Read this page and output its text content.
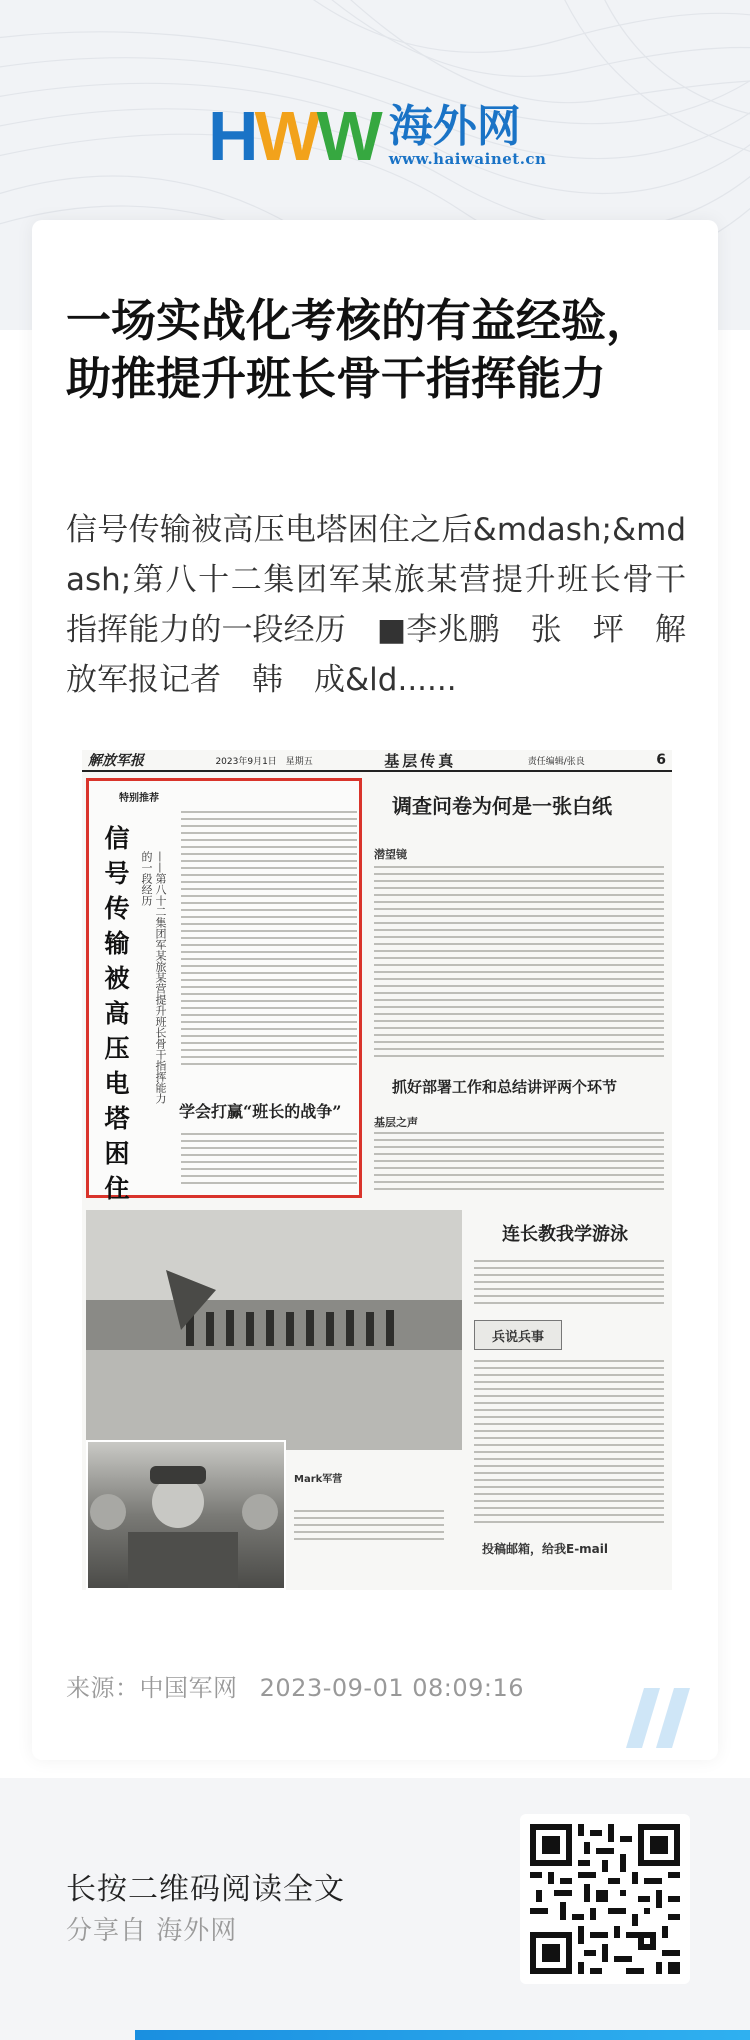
H W W 海外网
www.haiwainet.cn
一场实战化考核的有益经验，助推提升班长骨干指挥能力

信号传输被高压电塔困住之后&mdash;&mdash;第八十二集团军某旅某营提升班长骨干指挥能力的一段经历　■李兆鹏　张　坪　解放军报记者　韩　成&ld......

解放军报	2023年9月1日　星期五	基层传真	责任编辑/张良	6
特别推荐
信号传输被高压电塔困住
——第八十二集团军某旅某营提升班长骨干指挥能力的一段经历
学会打赢“班长的战争”
调查问卷为何是一张白纸
潜望镜
抓好部署工作和总结讲评两个环节
基层之声
Mark军营
连长教我学游泳
兵说兵事
投稿邮箱，给我E-mail
来源：中国军网 2023-09-01 08:09:16
长按二维码阅读全文
分享自 海外网
